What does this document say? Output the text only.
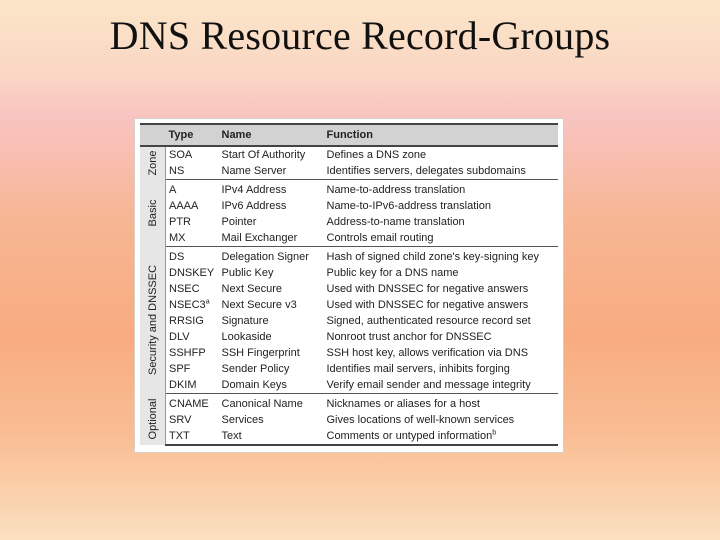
DNS Resource Record-Groups
	Type	Name	Function

Zone	SOA	Start Of Authority	Defines a DNS zone
	NS	Name Server	Identifies servers, delegates subdomains

Basic	A	IPv4 Address	Name-to-address translation
	AAAA	IPv6 Address	Name-to-IPv6-address translation
	PTR	Pointer	Address-to-name translation
	MX	Mail Exchanger	Controls email routing

Security and DNSSEC	DS	Delegation Signer	Hash of signed child zone's key-signing key
	DNSKEY	Public Key	Public key for a DNS name
	NSEC	Next Secure	Used with DNSSEC for negative answers
	NSEC3$^a$	Next Secure v3	Used with DNSSEC for negative answers
	RRSIG	Signature	Signed, authenticated resource record set
	DLV	Lookaside	Nonroot trust anchor for DNSSEC
	SSHFP	SSH Fingerprint	SSH host key, allows verification via DNS
	SPF	Sender Policy	Identifies mail servers, inhibits forging
	DKIM	Domain Keys	Verify email sender and message integrity

Optional	CNAME	Canonical Name	Nicknames or aliases for a host
	SRV	Services	Gives locations of well-known services
	TXT	Text	Comments or untyped information$^b$
